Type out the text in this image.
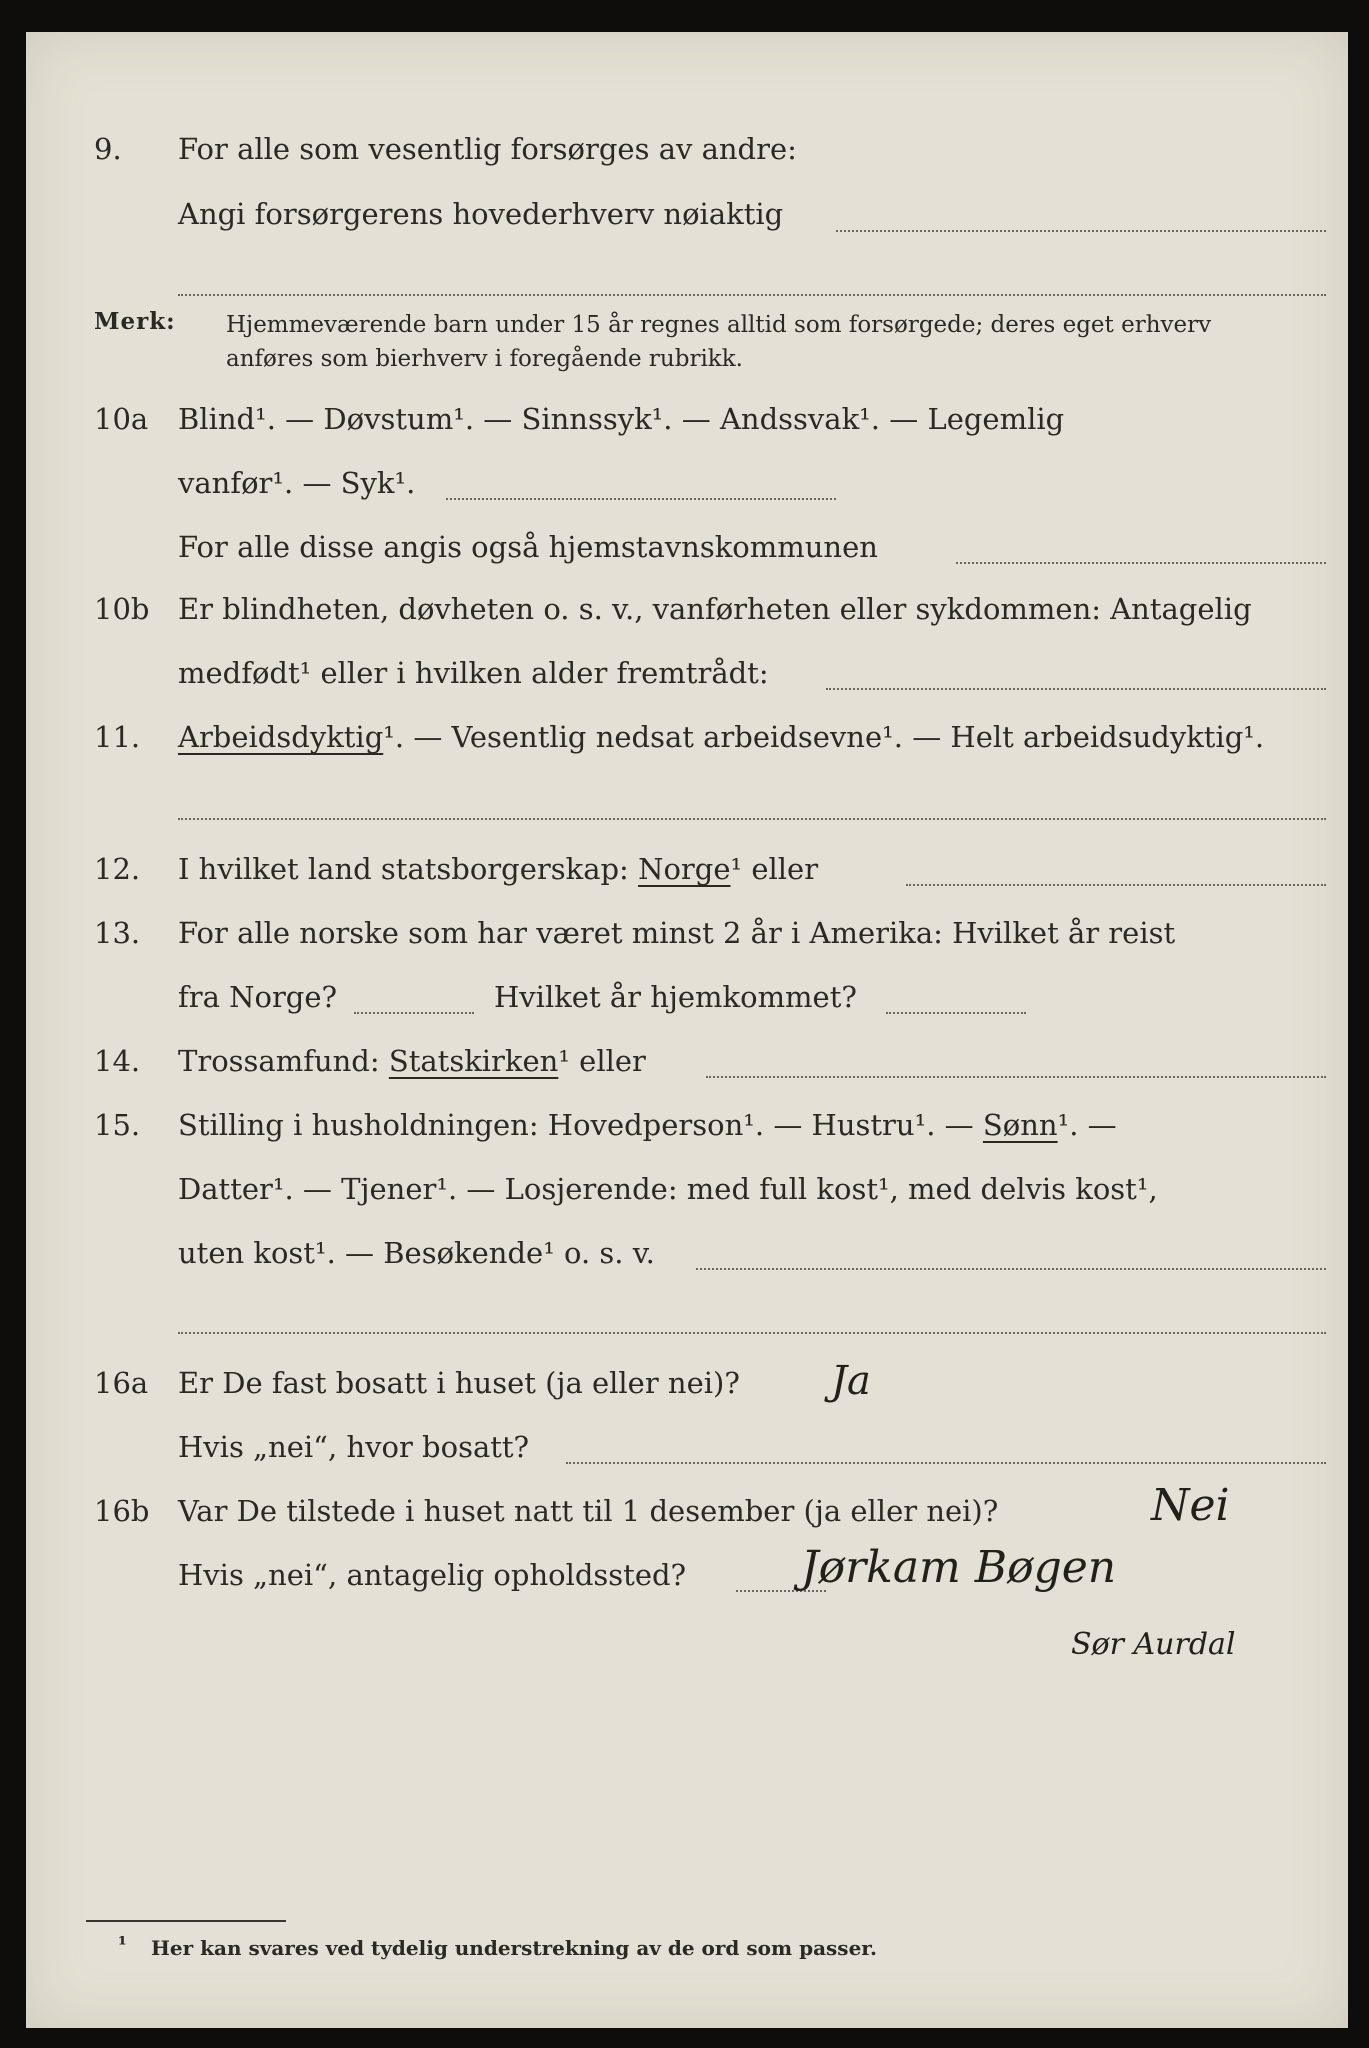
9. For alle som vesentlig forsørges av andre:
Angi forsørgerens hovederhverv nøiaktig
Merk: Hjemmeværende barn under 15 år regnes alltid som forsørgede; deres eget erhverv
anføres som bierhverv i foregående rubrikk.
10a Blind¹. — Døvstum¹. — Sinnssyk¹. — Andssvak¹. — Legemlig
vanfør¹. — Syk¹.
For alle disse angis også hjemstavnskommunen
10b Er blindheten, døvheten o. s. v., vanførheten eller sykdommen: Antagelig
medfødt¹ eller i hvilken alder fremtrådt:
11. Arbeidsdyktig¹. — Vesentlig nedsat arbeidsevne¹. — Helt arbeidsudyktig¹.
12. I hvilket land statsborgerskap: Norge¹ eller
13. For alle norske som har været minst 2 år i Amerika: Hvilket år reist
fra Norge?	Hvilket år hjemkommet?
14. Trossamfund: Statskirken¹ eller
15. Stilling i husholdningen: Hovedperson¹. — Hustru¹. — Sønn¹. —
Datter¹. — Tjener¹. — Losjerende: med full kost¹, med delvis kost¹,
uten kost¹. — Besøkende¹ o. s. v.
16a Er De fast bosatt i huset (ja eller nei)? Ja
Hvis „nei“, hvor bosatt?
16b Var De tilstede i huset natt til 1 desember (ja eller nei)?	Nei
Hvis „nei“, antagelig opholdssted?	Jørkam Bøgen
Sør Aurdal
¹ Her kan svares ved tydelig understrekning av de ord som passer.
